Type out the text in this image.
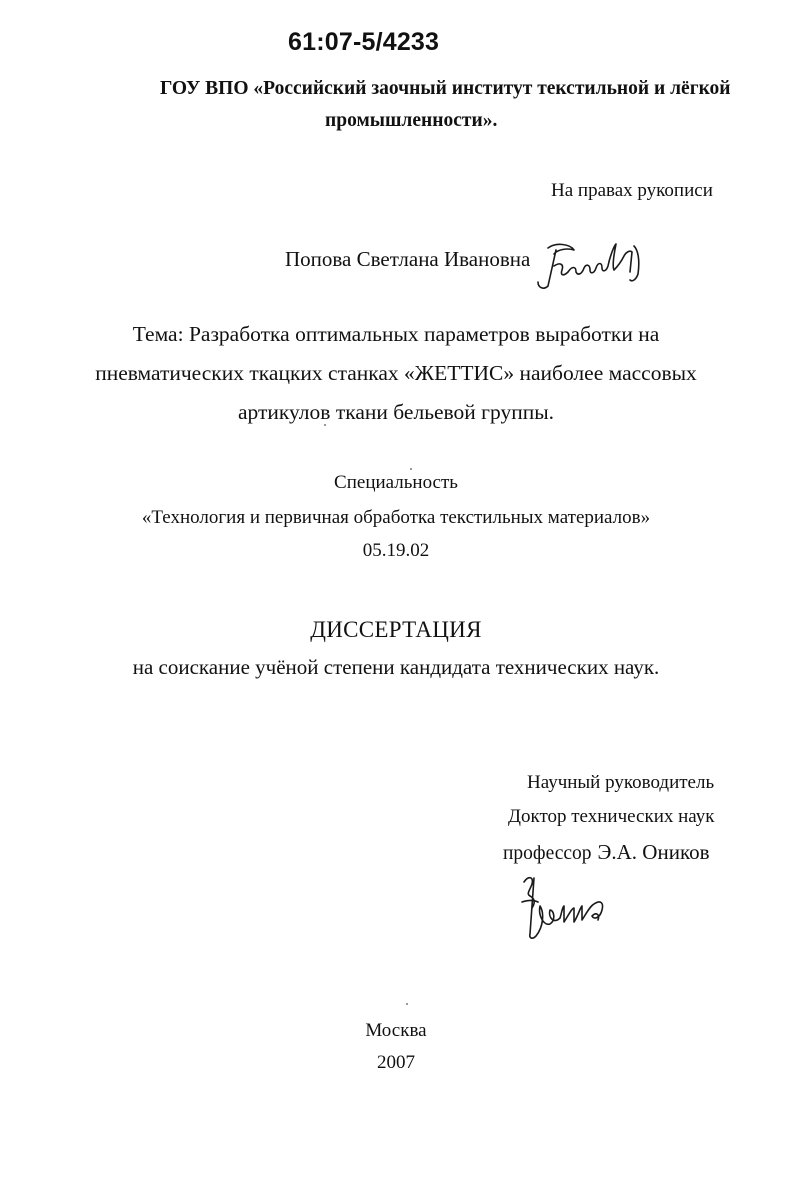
61:07-5/4233
ГОУ ВПО «Российский заочный институт текстильной и лёгкой
промышленности».
На правах рукописи
Попова Светлана Ивановна
Тема: Разработка оптимальных параметров выработки на
пневматических ткацких станках «ЖЕТТИС» наиболее массовых
артикулов ткани бельевой группы.
Специальность
«Технология и первичная обработка текстильных материалов»
05.19.02
ДИССЕРТАЦИЯ
на соискание учёной степени кандидата технических наук.
Научный руководитель
Доктор технических наук
профессор Э.А. Оников
Москва
2007
